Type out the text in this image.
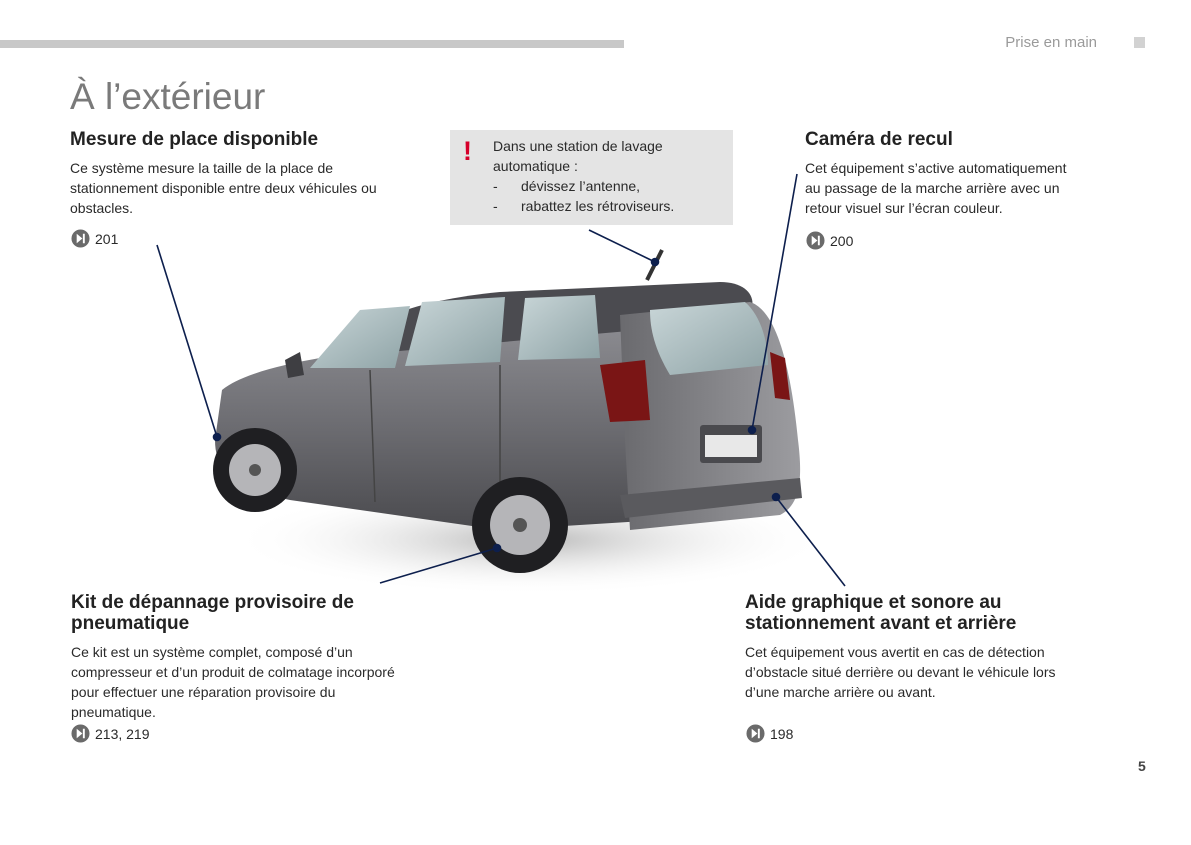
Prise en main
À l’extérieur
Mesure de place disponible

Ce système mesure la taille de la place de
stationnement disponible entre deux véhicules ou
obstacles.

201
! Dans une station de lavage
automatique :
-	dévissez l’antenne,
-	rabattez les rétroviseurs.
Caméra de recul

Cet équipement s’active automatiquement
au passage de la marche arrière avec un
retour visuel sur l’écran couleur.

200
Kit de dépannage provisoire de
pneumatique

Ce kit est un système complet, composé d’un
compresseur et d’un produit de colmatage incorporé
pour effectuer une réparation provisoire du
pneumatique.

213, 219
Aide graphique et sonore au
stationnement avant et arrière

Cet équipement vous avertit en cas de détection
d’obstacle situé derrière ou devant le véhicule lors
d’une marche arrière ou avant.

198
5
